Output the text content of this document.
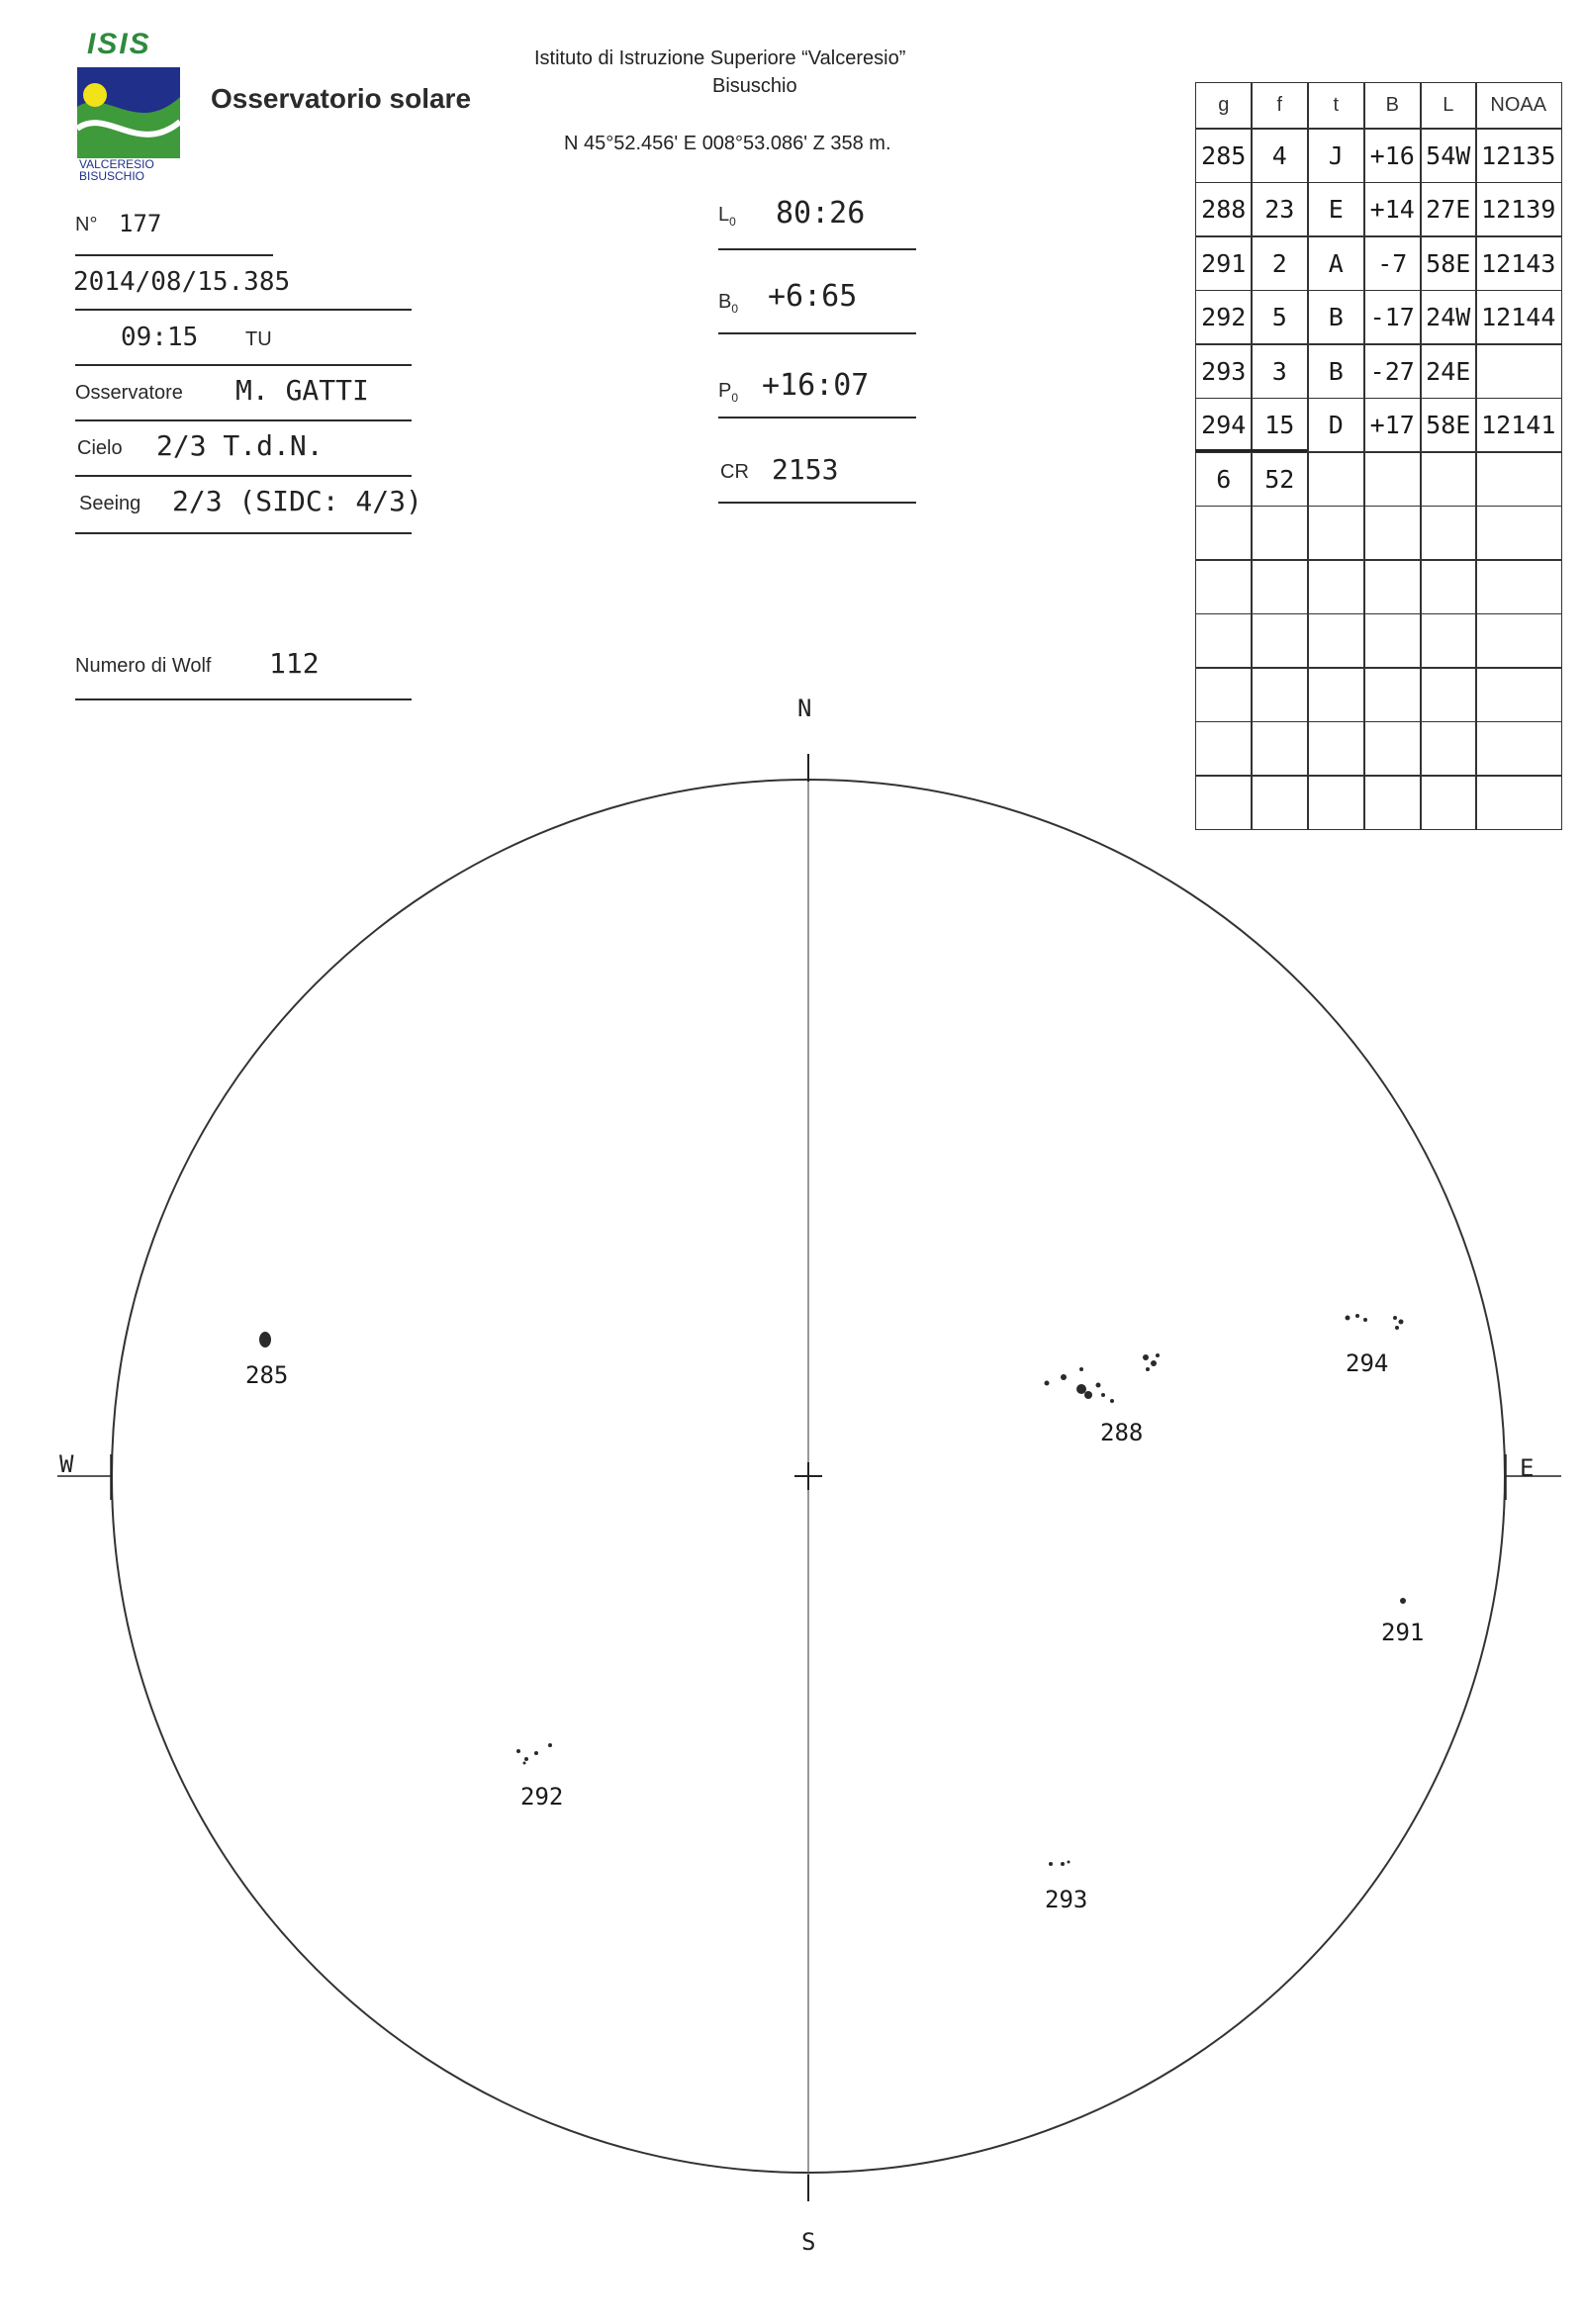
ISIS
VALCERESIO
BISUSCHIO
Osservatorio solare
Istituto di Istruzione Superiore “Valceresio”
Bisuschio
N 45°52.456' E 008°53.086' Z 358 m.
N° 177
2014/08/15.385
09:15 TU
Osservatore M. GATTI
Cielo 2/3 T.d.N.
Seeing 2/3 (SIDC: 4/3)
Numero di Wolf 112
$L_0$ 80:26
$B_0$ +6:65
$P_0$ +16:07
CR 2153
g	f	t	B	L	NOAA
285	4	J	+16 54W 12135
288 23	E	+14 27E 12139
291	2	A	-7 58E 12143
292	5	B	-17 24W 12144
293	3	B	-27 24E
294 15	D	+17 58E 12141
6	52
N
S
W	E
285
288
294
291
292
293
